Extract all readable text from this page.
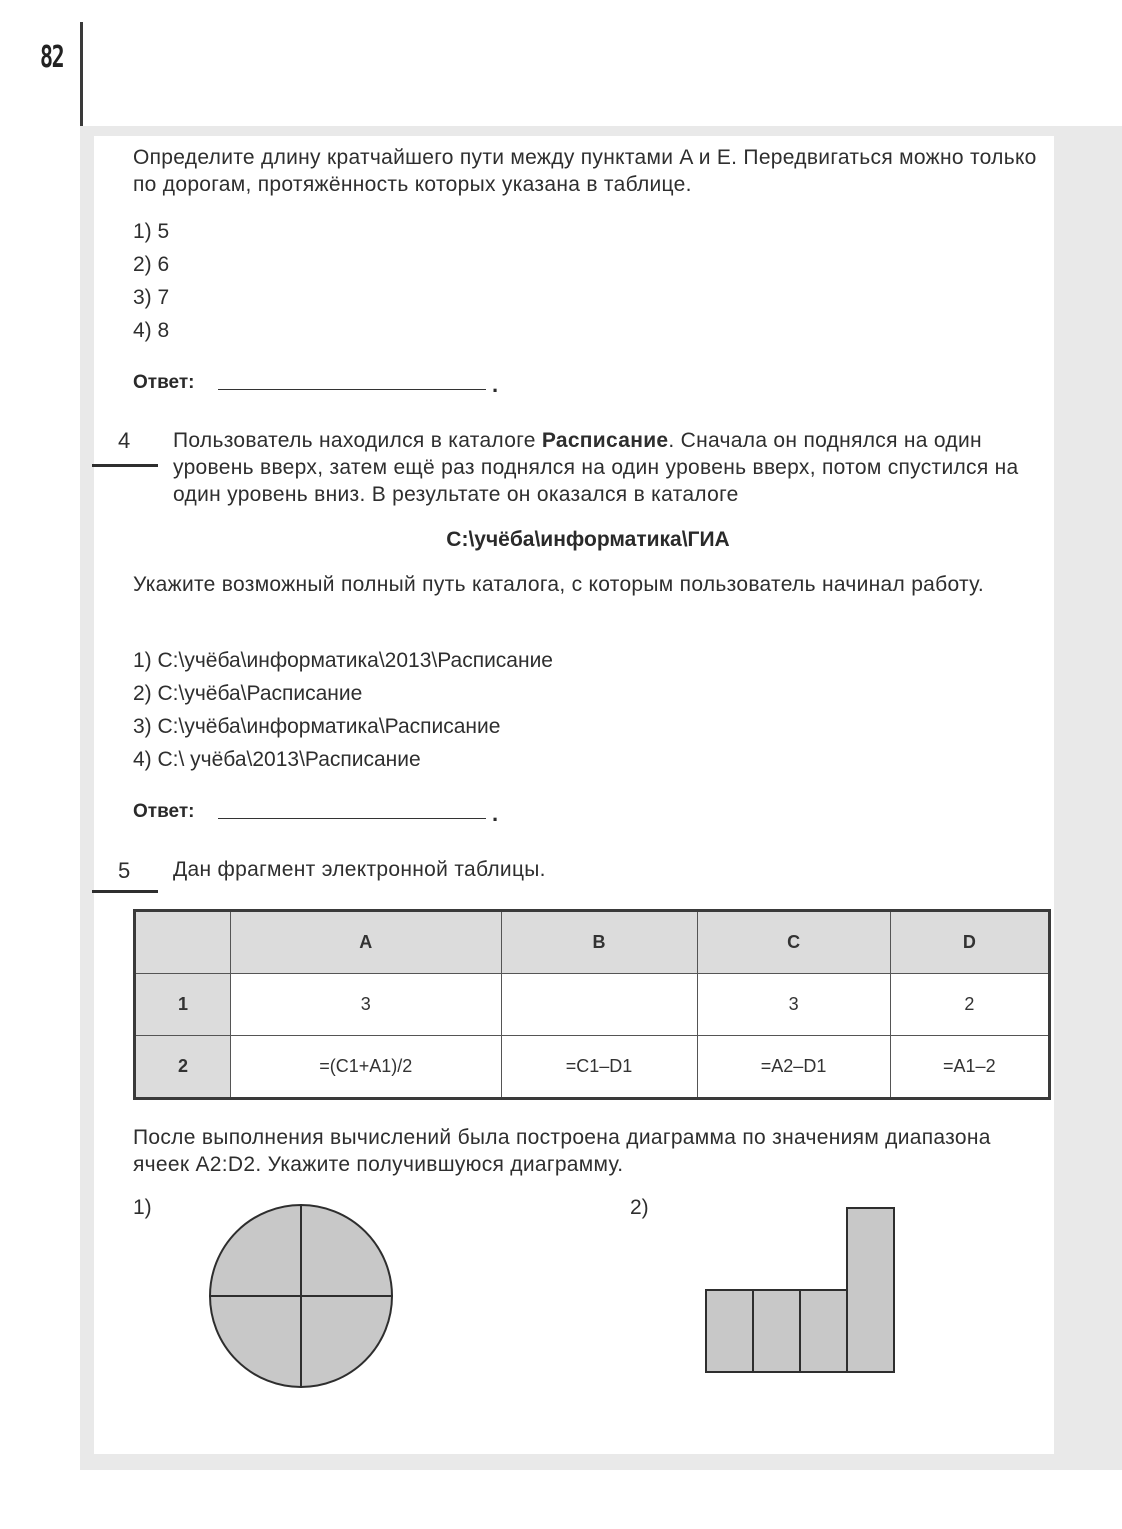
82
Определите длину кратчайшего пути между пунктами A и E. Передвигаться можно только по дорогам, протяжённость которых указана в таблице.
1) 5
2) 6
3) 7
4) 8
Ответ:	.
4 Пользователь находился в каталоге Расписание. Сначала он поднялся на один уровень вверх, затем ещё раз поднялся на один уровень вверх, потом спустился на один уровень вниз. В результате он оказался в каталоге
C:\учёба\информатика\ГИА
Укажите возможный полный путь каталога, с которым пользователь начинал работу.
1) C:\учёба\информатика\2013\Расписание
2) C:\учёба\Расписание
3) C:\учёба\информатика\Расписание
4) C:\ учёба\2013\Расписание
Ответ:	.
5 Дан фрагмент электронной таблицы.
	A	B	C	D
1	3		3	2
2	=(C1+A1)/2	=C1–D1	=A2–D1	=A1–2
После выполнения вычислений была построена диаграмма по значениям диапазона ячеек A2:D2. Укажите получившуюся диаграмму.
1)	2)
